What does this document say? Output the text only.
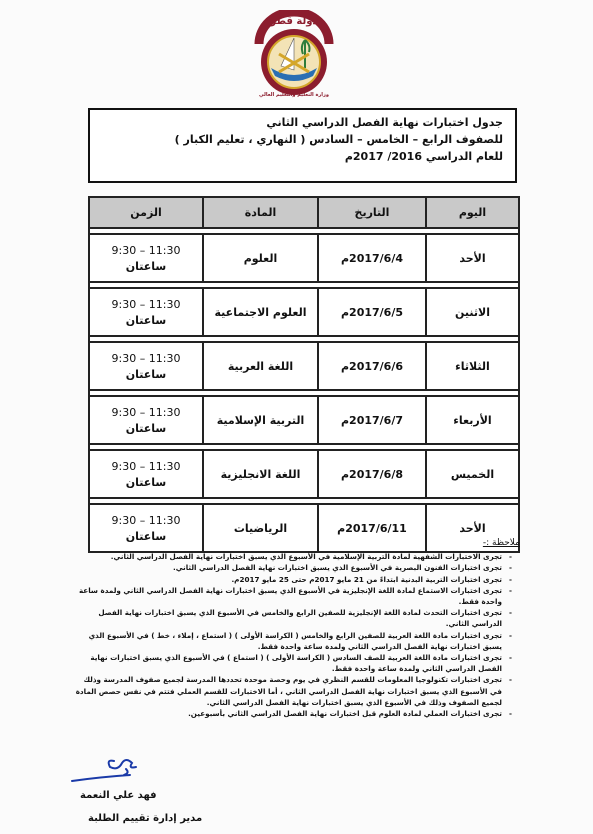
دولة قطر
وزارة التعليم والتعليم العالي
جدول اختبارات نهاية الفصل الدراسي الثاني
للصفوف الرابع – الخامس – السادس ( النهاري ، تعليم الكبار )
للعام الدراسي 2016/ 2017م
اليوم	التاريخ	المادة	الزمن

الأحد	2017/6/4م	العلوم	9:30 – 11:30
ساعتان

الاثنين	2017/6/5م	العلوم الاجتماعية	9:30 – 11:30
ساعتان

الثلاثاء	2017/6/6م	اللغة العربية	9:30 – 11:30
ساعتان

الأربعاء	2017/6/7م	التربية الإسلامية	9:30 – 11:30
ساعتان

الخميس	2017/6/8م	اللغة الانجليزية	9:30 – 11:30
ساعتان

الأحد	2017/6/11م	الرياضيات	9:30 – 11:30
ساعتان
ملاحظة :-
- تجرى الاختبارات الشفهية لمادة التربية الإسلامية في الأسبوع الذي يسبق اختبارات نهاية الفصل الدراسي الثاني.
- تجرى اختبارات الفنون البصرية في الأسبوع الذي يسبق اختبارات نهاية الفصل الدراسي الثاني.
- تجرى اختبارات التربية البدنية ابتداءً من 21 مايو 2017م حتى 25 مايو 2017م.
- تجرى اختبارات الاستماع لمادة اللغة الإنجليزية في الأسبوع الذي يسبق اختبارات نهاية الفصل الدراسي الثاني ولمدة ساعة واحدة فقط.
- تجرى اختبارات التحدث لمادة اللغة الإنجليزية للصفين الرابع والخامس في الأسبوع الذي يسبق اختبارات نهاية الفصل الدراسي الثاني.
- تجرى اختبارات مادة اللغة العربية للصفين الرابع والخامس ( الكراسة الأولى ) ( استماع ، إملاء ، خط ) في الأسبوع الذي يسبق اختبارات نهاية الفصل الدراسي الثاني ولمدة ساعة واحدة فقط.
- تجرى اختبارات مادة اللغة العربية للصف السادس ( الكراسة الأولى ) ( استماع ) في الأسبوع الذي يسبق اختبارات نهاية الفصل الدراسي الثاني ولمدة ساعة واحدة فقط.
- تجرى اختبارات تكنولوجيا المعلومات للقسم النظري في يوم وحصة موحدة تحددها المدرسة لجميع صفوف المدرسة وذلك في الأسبوع الذي يسبق اختبارات نهاية الفصل الدراسي الثاني ، أما الاختبارات للقسم العملي فتتم في نفس حصص المادة لجميع الصفوف وذلك في الأسبوع الذي يسبق اختبارات نهاية الفصل الدراسي الثاني.
- تجرى اختبارات العملي لمادة العلوم قبل اختبارات نهاية الفصل الدراسي الثاني بأسبوعين.
فهد علي النعمة
مدير إدارة تقييم الطلبة
